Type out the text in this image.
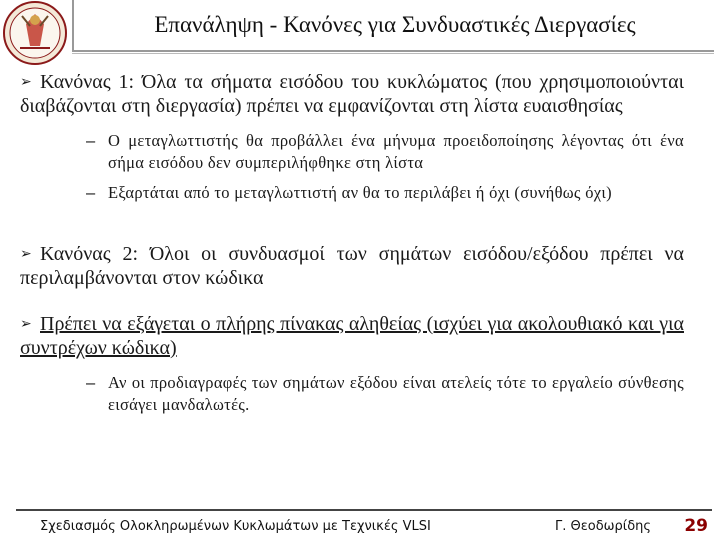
Επανάληψη - Κανόνες για Συνδυαστικές Διεργασίες
➢ Κανόνας 1: Όλα τα σήματα εισόδου του κυκλώματος (που χρησιμοποιούνται διαβάζονται στη διεργασία) πρέπει να εμφανίζονται στη λίστα ευαισθησίας
– Ο μεταγλωττιστής θα προβάλλει ένα μήνυμα προειδοποίησης λέγοντας ότι ένα σήμα εισόδου δεν συμπεριλήφθηκε στη λίστα
– Εξαρτάται από το μεταγλωττιστή αν θα το περιλάβει ή όχι (συνήθως όχι)
➢ Κανόνας 2: Όλοι οι συνδυασμοί των σημάτων εισόδου/εξόδου πρέπει να περιλαμβάνονται στον κώδικα
➢ Πρέπει να εξάγεται ο πλήρης πίνακας αληθείας (ισχύει για ακολουθιακό και για συντρέχων κώδικα)
– Αν οι προδιαγραφές των σημάτων εξόδου είναι ατελείς τότε το εργαλείο σύνθεσης εισάγει μανδαλωτές.
Σχεδιασμός Ολοκληρωμένων Κυκλωμάτων με Τεχνικές VLSI	Γ. Θεοδωρίδης 29
